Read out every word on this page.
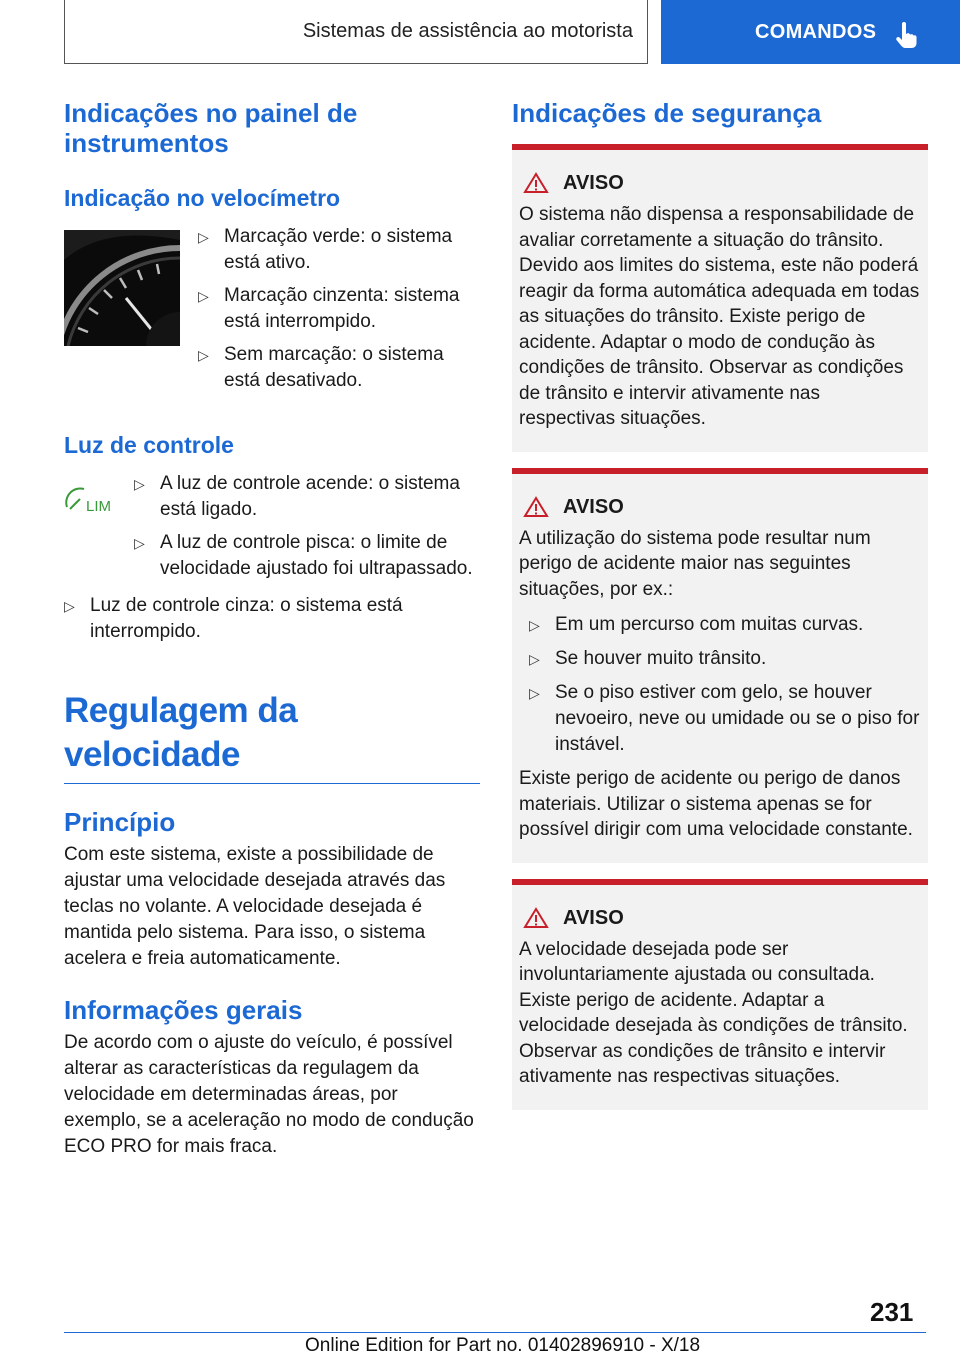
Sistemas de assistência ao motorista	COMANDOS
Indicações no painel de instrumentos
Indicação no velocímetro
▷ Marcação verde: o sistema está ativo.
▷ Marcação cinzenta: sistema está interrompido.
▷ Sem marcação: o sistema está desativado.
Luz de controle
LIM
▷ A luz de controle acende: o sistema está ligado.
▷ A luz de controle pisca: o limite de velocidade ajustado foi ultrapassado.
▷ Luz de controle cinza: o sistema está interrompido.
Regulagem da velocidade
Princípio

Com este sistema, existe a possibilidade de ajustar uma velocidade desejada através das teclas no volante. A velocidade desejada é mantida pelo sistema. Para isso, o sistema acelera e freia automaticamente.

Informações gerais

De acordo com o ajuste do veículo, é possível alterar as características da regulagem da velocidade em determinadas áreas, por exemplo, se a aceleração no modo de condução ECO PRO for mais fraca.

Indicações de segurança
AVISO

O sistema não dispensa a responsabilidade de avaliar corretamente a situação do trânsito. Devido aos limites do sistema, este não poderá reagir da forma automática adequada em todas as situações do trânsito. Existe perigo de acidente. Adaptar o modo de condução às condições de trânsito. Observar as condições de trânsito e intervir ativamente nas respectivas situações.

AVISO

A utilização do sistema pode resultar num perigo de acidente maior nas seguintes situações, por ex.:

▷ Em um percurso com muitas curvas.
▷ Se houver muito trânsito.
▷ Se o piso estiver com gelo, se houver nevoeiro, neve ou umidade ou se o piso for instável.

Existe perigo de acidente ou perigo de danos materiais. Utilizar o sistema apenas se for possível dirigir com uma velocidade constante.

AVISO

A velocidade desejada pode ser involuntariamente ajustada ou consultada. Existe perigo de acidente. Adaptar a velocidade desejada às condições de trânsito. Observar as condições de trânsito e intervir ativamente nas respectivas situações.

231
Online Edition for Part no. 01402896910 - X/18
